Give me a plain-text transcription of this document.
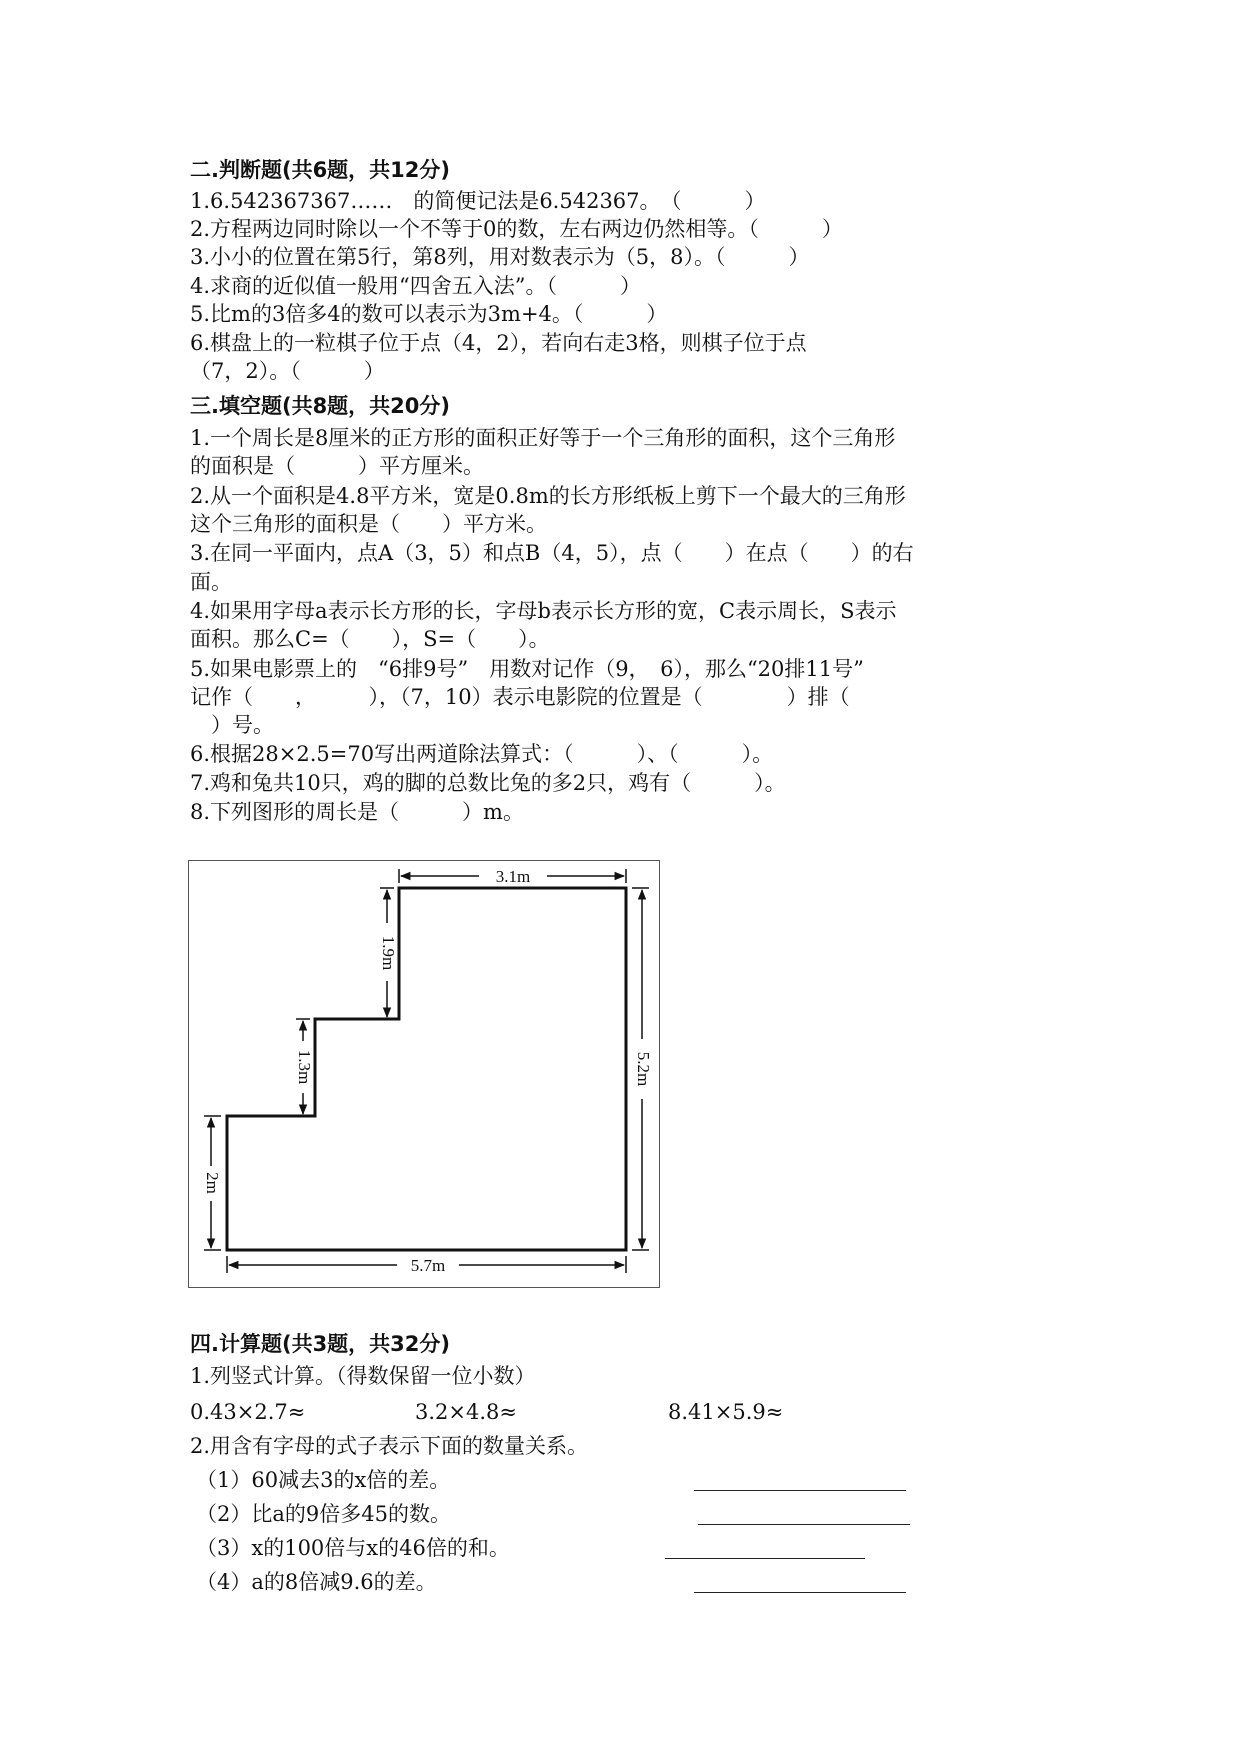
二.判断题(共6题，共12分)
1.6.542367367……　的简便记法是6.542367。　（　　　）
2.方程两边同时除以一个不等于0的数，左右两边仍然相等。（　　　）
3.小小的位置在第5行，第8列，用对数表示为（5，8）。（　　　）
4.求商的近似值一般用“四舍五入法”。（　　　）
5.比m的3倍多4的数可以表示为3m+4。（　　　）
6.棋盘上的一粒棋子位于点（4，2），若向右走3格，则棋子位于点
（7，2）。（　　　）
三.填空题(共8题，共20分)
1.一个周长是8厘米的正方形的面积正好等于一个三角形的面积，这个三角形
的面积是（　　　）平方厘米。
2.从一个面积是4.8平方米，宽是0.8m的长方形纸板上剪下一个最大的三角形
这个三角形的面积是（　　）平方米。
3.在同一平面内，点A（3，5）和点B（4，5），点（　　）在点（　　）的右
面。
4.如果用字母a表示长方形的长，字母b表示长方形的宽，C表示周长，S表示
面积。那么C=（　　），S=（　　）。
5.如果电影票上的　“6排9号”　用数对记作（9，　6），那么“20排11号”
记作（　　，　　　），（7，10）表示电影院的位置是（　　　　）排（
　）号。
6.根据28×2.5=70写出两道除法算式：（　　　）、（　　　）。
7.鸡和兔共10只，鸡的脚的总数比兔的多2只，鸡有（　　　）。
8.下列图形的周长是（　　　）m。
3.1m
1.9m
1.3m
2m
5.2m
5.7m
四.计算题(共3题，共32分)
1.列竖式计算。（得数保留一位小数）
0.43×2.7≈	3.2×4.8≈	8.41×5.9≈
2.用含有字母的式子表示下面的数量关系。
（1）60减去3的x倍的差。
（2）比a的9倍多45的数。
（3）x的100倍与x的46倍的和。
（4）a的8倍减9.6的差。
